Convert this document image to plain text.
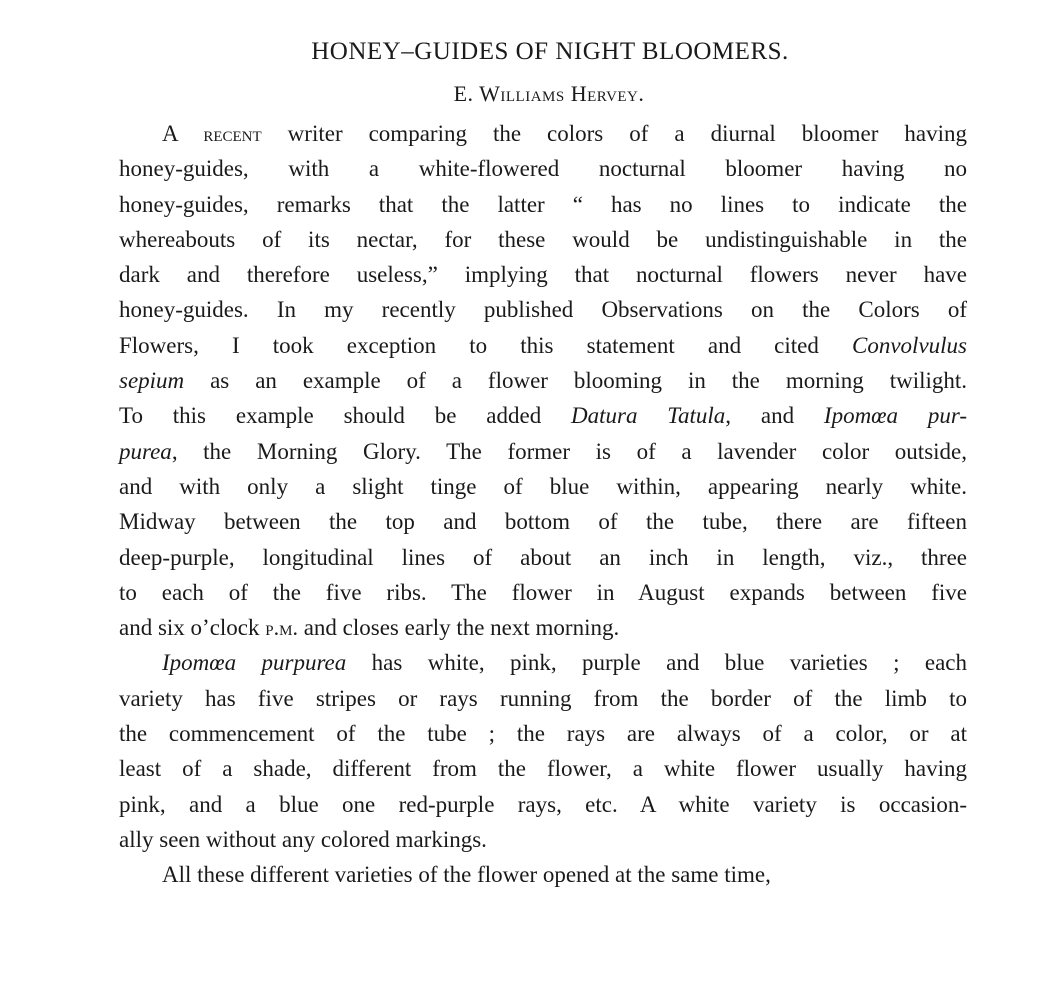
HONEY–GUIDES OF NIGHT BLOOMERS.
E. Williams Hervey.
A recent writer comparing the colors of a diurnal bloomer having
honey-guides, with a white-flowered nocturnal bloomer having no
honey-guides, remarks that the latter “ has no lines to indicate the
whereabouts of its nectar, for these would be undistinguishable in the
dark and therefore useless,” implying that nocturnal flowers never have
honey-guides. In my recently published Observations on the Colors of
Flowers, I took exception to this statement and cited Convolvulus
sepium as an example of a flower blooming in the morning twilight.
To this example should be added Datura Tatula, and Ipomœa pur-
purea, the Morning Glory. The former is of a lavender color outside,
and with only a slight tinge of blue within, appearing nearly white.
Midway between the top and bottom of the tube, there are fifteen
deep-purple, longitudinal lines of about an inch in length, viz., three
to each of the five ribs. The flower in August expands between five
and six o’clock p.m. and closes early the next morning.
Ipomœa purpurea has white, pink, purple and blue varieties ; each
variety has five stripes or rays running from the border of the limb to
the commencement of the tube ; the rays are always of a color, or at
least of a shade, different from the flower, a white flower usually having
pink, and a blue one red-purple rays, etc. A white variety is occasion-
ally seen without any colored markings.
All these different varieties of the flower opened at the same time,
